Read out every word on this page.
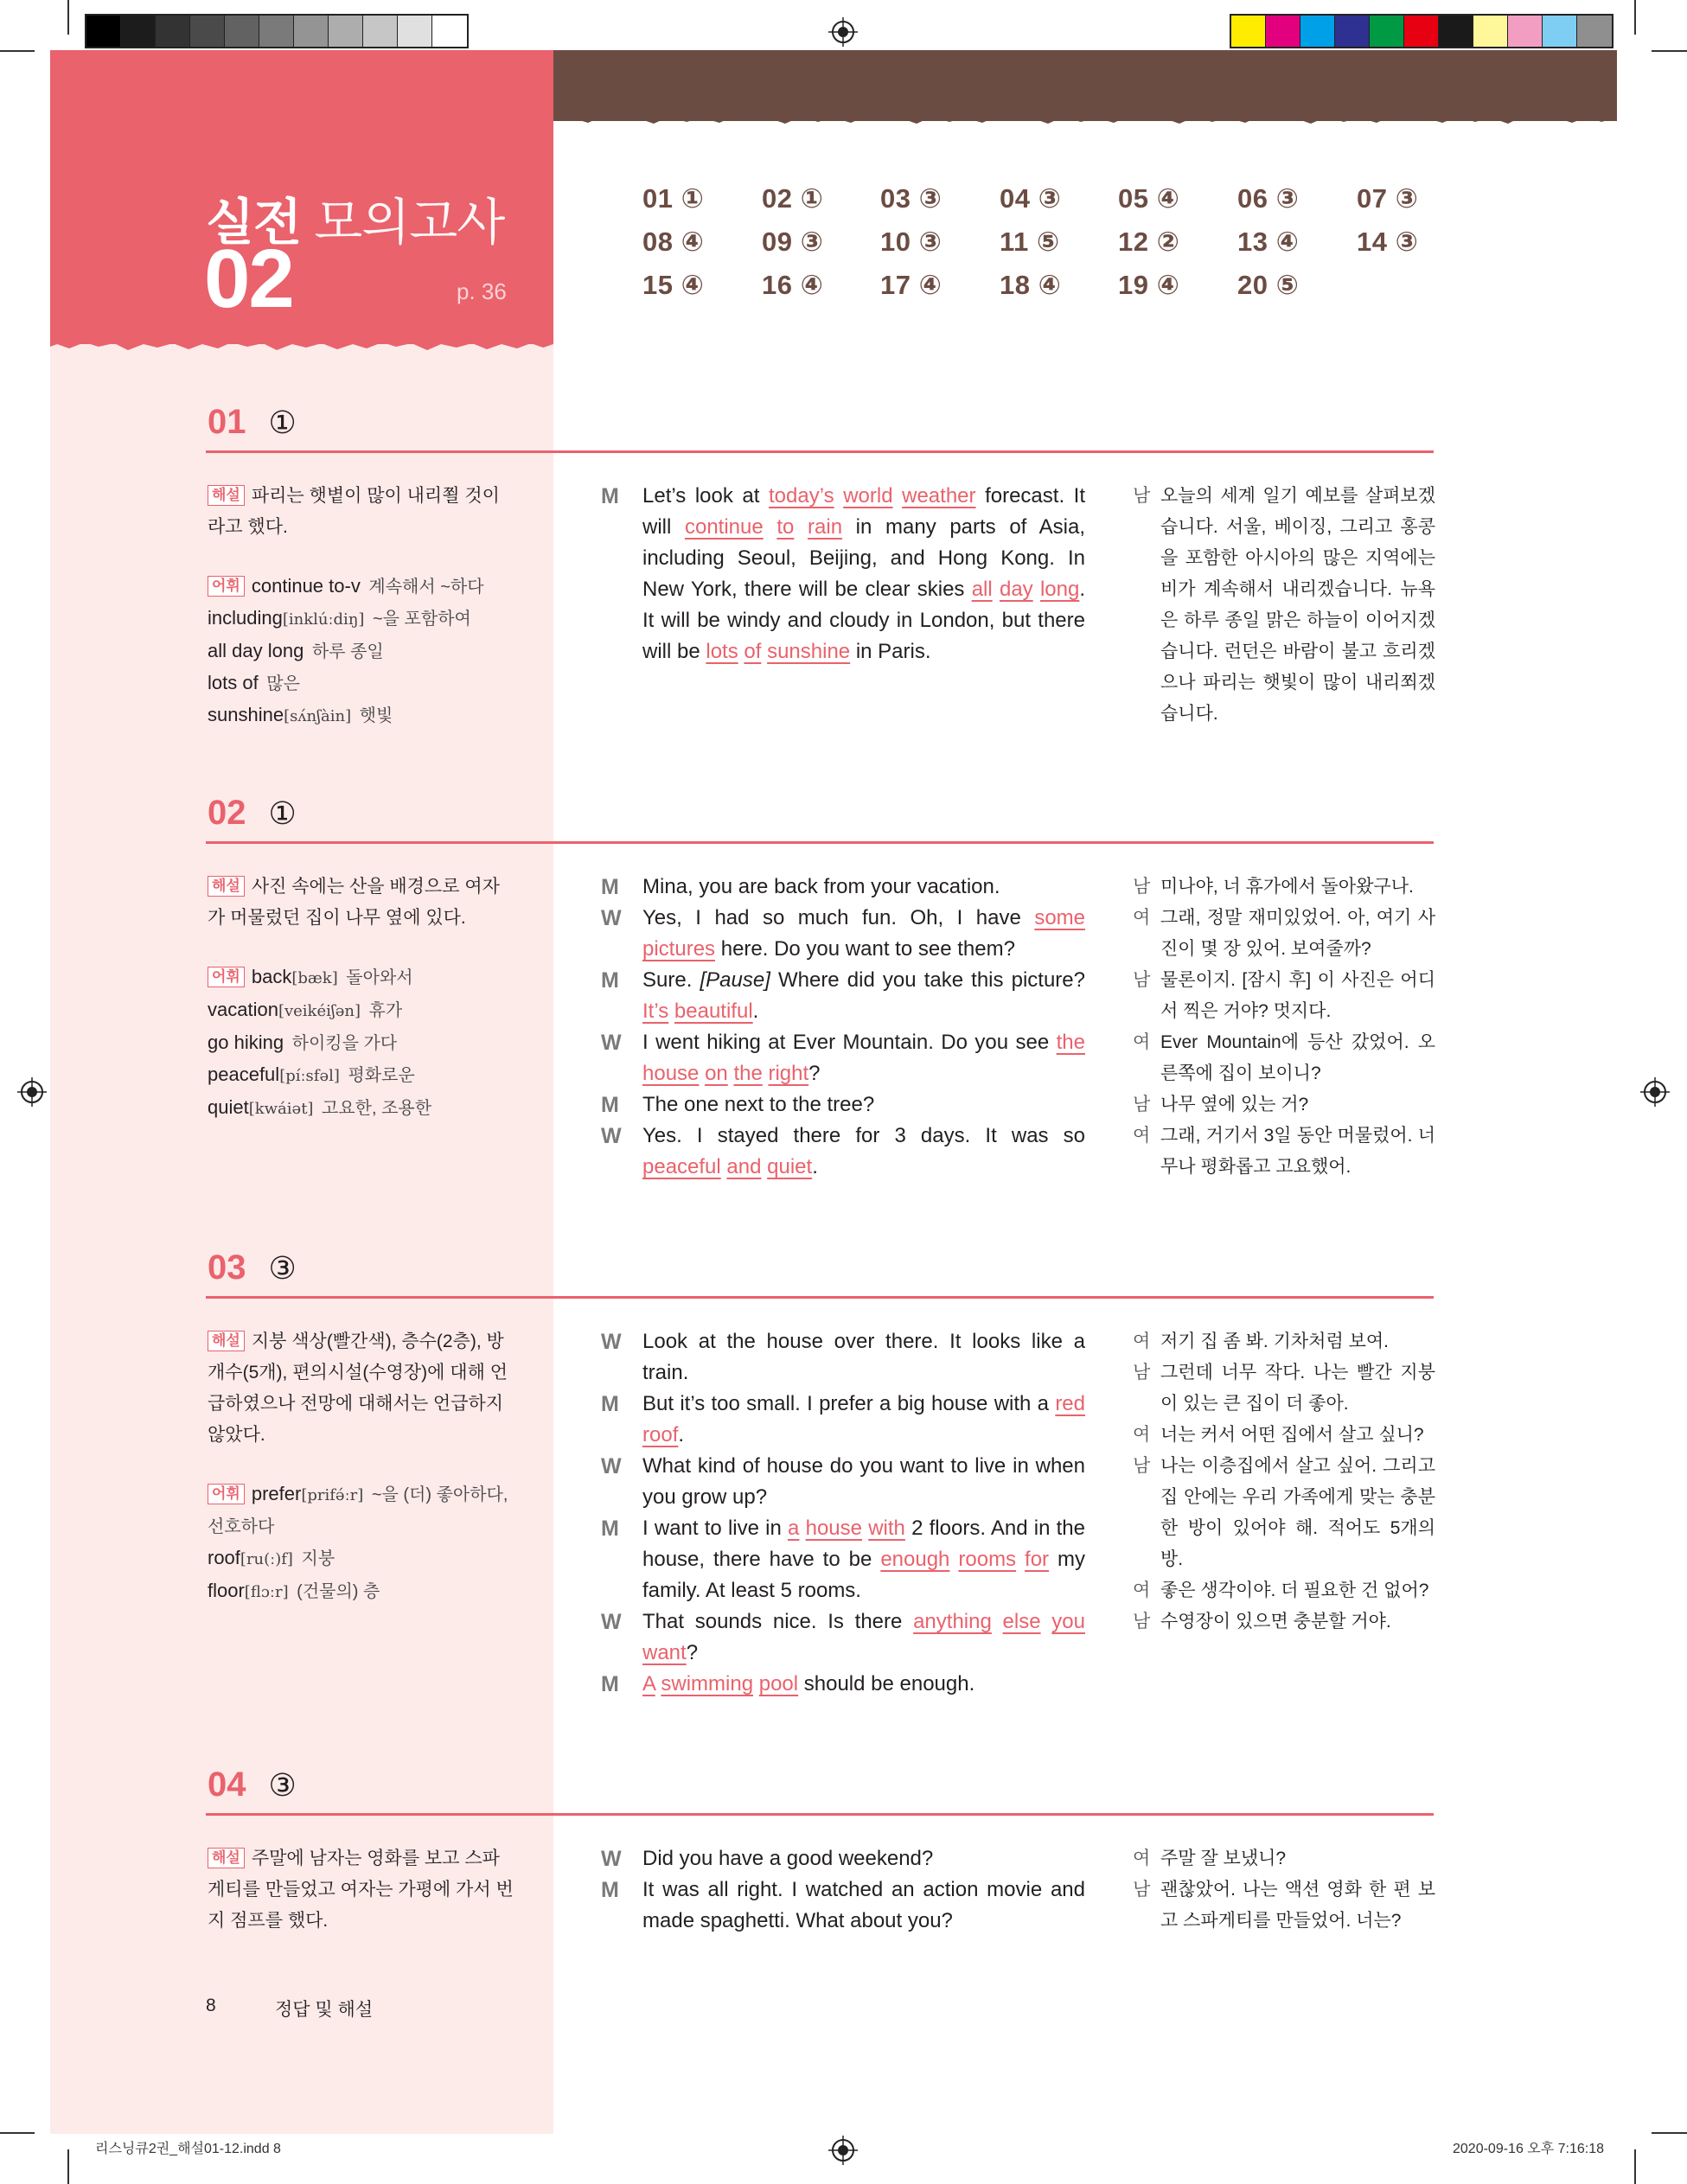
실전 모의고사
02	p. 36
01 ① 02 ① 03 ③ 04 ③ 05 ④ 06 ③ 07 ③
08 ④ 09 ③ 10 ③ 11 ⑤ 12 ② 13 ④ 14 ③
15 ④ 16 ④ 17 ④ 18 ④ 19 ④ 20 ⑤
01 ①
해설 파리는 햇볕이 많이 내리쬘 것이라고 했다.
어휘 continue to-v 계속해서 ~하다
including[inklúːdiŋ] ~을 포함하여
all day long 하루 종일
lots of 많은
sunshine[sʌ́nʃàin] 햇빛
M Let’s look at today’s world weather forecast. It will continue to rain in many parts of Asia, including Seoul, Beijing, and Hong Kong. In New York, there will be clear skies all day long. It will be windy and cloudy in London, but there will be lots of sunshine in Paris.
남 오늘의 세계 일기 예보를 살펴보겠습니다. 서울, 베이징, 그리고 홍콩을 포함한 아시아의 많은 지역에는 비가 계속해서 내리겠습니다. 뉴욕은 하루 종일 맑은 하늘이 이어지겠습니다. 런던은 바람이 불고 흐리겠으나 파리는 햇빛이 많이 내리쬐겠습니다.
02 ①
해설 사진 속에는 산을 배경으로 여자가 머물렀던 집이 나무 옆에 있다.
어휘 back[bæk] 돌아와서
vacation[veikéiʃən] 휴가
go hiking 하이킹을 가다
peaceful[píːsfəl] 평화로운
quiet[kwáiət] 고요한, 조용한
M Mina, you are back from your vacation.
W Yes, I had so much fun. Oh, I have some pictures here. Do you want to see them?
M Sure. [Pause] Where did you take this picture? It’s beautiful.
W I went hiking at Ever Mountain. Do you see the house on the right?
M The one next to the tree?
W Yes. I stayed there for 3 days. It was so peaceful and quiet.
남 미나야, 너 휴가에서 돌아왔구나.
여 그래, 정말 재미있었어. 아, 여기 사진이 몇 장 있어. 보여줄까?
남 물론이지. [잠시 후] 이 사진은 어디서 찍은 거야? 멋지다.
여 Ever Mountain에 등산 갔었어. 오른쪽에 집이 보이니?
남 나무 옆에 있는 거?
여 그래, 거기서 3일 동안 머물렀어. 너무나 평화롭고 고요했어.
03 ③
해설 지붕 색상(빨간색), 층수(2층), 방 개수(5개), 편의시설(수영장)에 대해 언급하였으나 전망에 대해서는 언급하지 않았다.
어휘 prefer[prifə́ːr] ~을 (더) 좋아하다, 선호하다
roof[ru(ː)f] 지붕
floor[flɔːr] (건물의) 층
W Look at the house over there. It looks like a train.
M But it’s too small. I prefer a big house with a red roof.
W What kind of house do you want to live in when you grow up?
M I want to live in a house with 2 floors. And in the house, there have to be enough rooms for my family. At least 5 rooms.
W That sounds nice. Is there anything else you want?
M A swimming pool should be enough.
여 저기 집 좀 봐. 기차처럼 보여.
남 그런데 너무 작다. 나는 빨간 지붕이 있는 큰 집이 더 좋아.
여 너는 커서 어떤 집에서 살고 싶니?
남 나는 이층집에서 살고 싶어. 그리고 집 안에는 우리 가족에게 맞는 충분한 방이 있어야 해. 적어도 5개의 방.
여 좋은 생각이야. 더 필요한 건 없어?
남 수영장이 있으면 충분할 거야.
04 ③
해설 주말에 남자는 영화를 보고 스파게티를 만들었고 여자는 가평에 가서 번지 점프를 했다.
W Did you have a good weekend?
M It was all right. I watched an action movie and made spaghetti. What about you?
여 주말 잘 보냈니?
남 괜찮았어. 나는 액션 영화 한 편 보고 스파게티를 만들었어. 너는?
8	정답 및 해설
리스닝큐2권_해설01-12.indd 8	2020-09-16 오후 7:16:18
